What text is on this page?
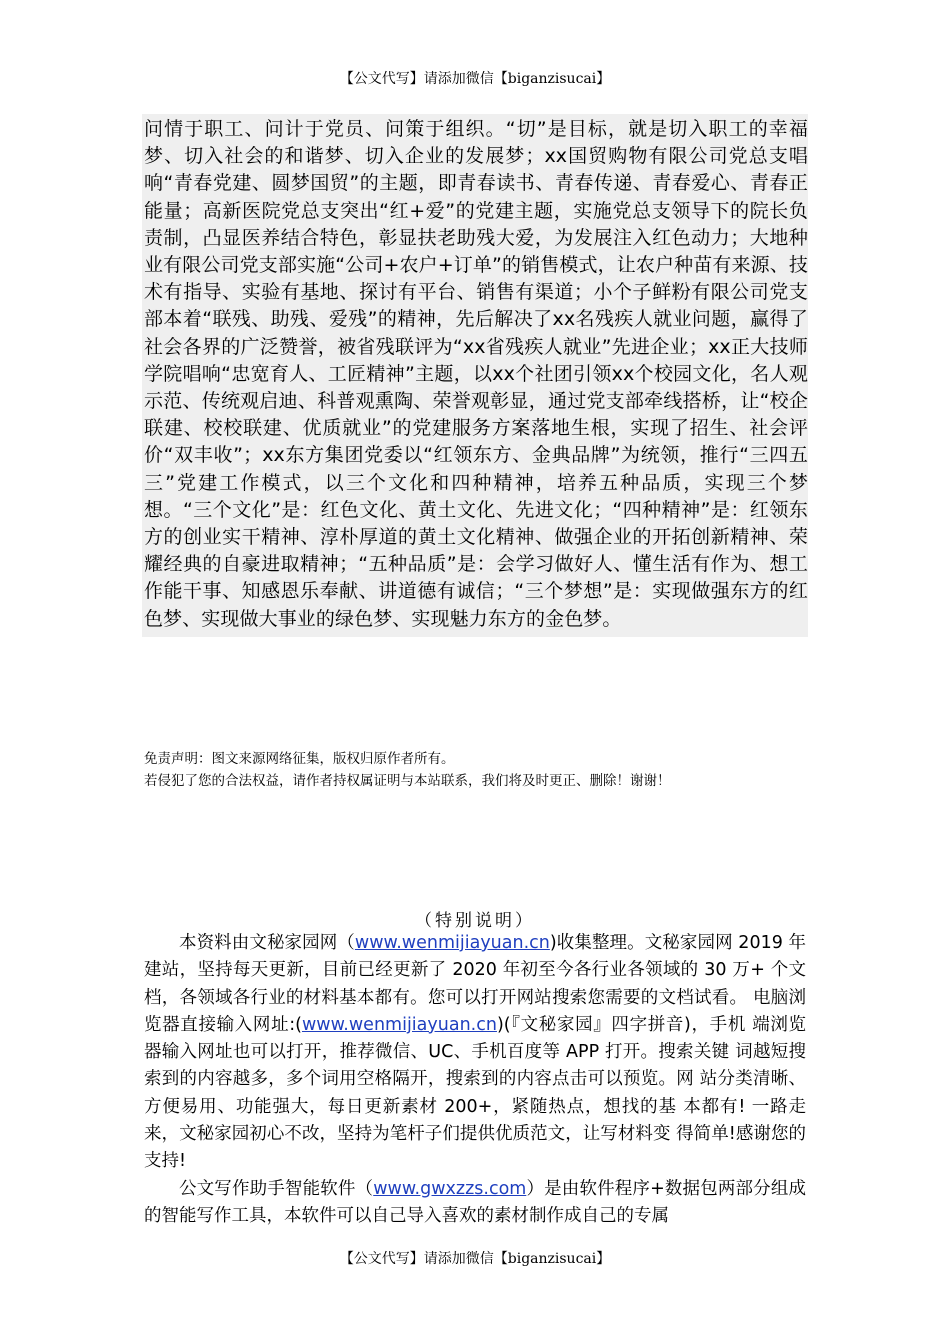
【公文代写】请添加微信【biganzisucai】
问情于职工、问计于党员、问策于组织。“切”是目标，就是切入职工的幸福梦、切入社会的和谐梦、切入企业的发展梦；xx国贸购物有限公司党总支唱响“青春党建、圆梦国贸”的主题，即青春读书、青春传递、青春爱心、青春正能量；高新医院党总支突出“红+爱”的党建主题，实施党总支领导下的院长负责制，凸显医养结合特色，彰显扶老助残大爱，为发展注入红色动力；大地种业有限公司党支部实施“公司+农户+订单”的销售模式，让农户种苗有来源、技术有指导、实验有基地、探讨有平台、销售有渠道；小个子鲜粉有限公司党支部本着“联残、助残、爱残”的精神，先后解决了xx名残疾人就业问题，赢得了社会各界的广泛赞誉，被省残联评为“xx省残疾人就业”先进企业；xx正大技师学院唱响“忠宽育人、工匠精神”主题，以xx个社团引领xx个校园文化，名人观示范、传统观启迪、科普观熏陶、荣誉观彰显，通过党支部牵线搭桥，让“校企联建、校校联建、优质就业”的党建服务方案落地生根，实现了招生、社会评价“双丰收”；xx东方集团党委以“红领东方、金典品牌”为统领，推行“三四五三”党建工作模式，以三个文化和四种精神，培养五种品质，实现三个梦想。“三个文化”是：红色文化、黄土文化、先进文化；“四种精神”是：红领东方的创业实干精神、淳朴厚道的黄土文化精神、做强企业的开拓创新精神、荣耀经典的自豪进取精神；“五种品质”是：会学习做好人、懂生活有作为、想工作能干事、知感恩乐奉献、讲道德有诚信；“三个梦想”是：实现做强东方的红色梦、实现做大事业的绿色梦、实现魅力东方的金色梦。
免责声明：图文来源网络征集，版权归原作者所有。
若侵犯了您的合法权益，请作者持权属证明与本站联系，我们将及时更正、删除！谢谢！
（特别说明）

本资料由文秘家园网（www.wenmijiayuan.cn)收集整理。文秘家园网 2019 年建站，坚持每天更新，目前已经更新了 2020 年初至今各行业各领域的 30 万+ 个文档，各领域各行业的材料基本都有。您可以打开网站搜索您需要的文档试看。 电脑浏览器直接输入网址:(www.wenmijiayuan.cn)(『文秘家园』四字拼音)，手机 端浏览器输入网址也可以打开，推荐微信、UC、手机百度等 APP 打开。搜索关键 词越短搜索到的内容越多，多个词用空格隔开，搜索到的内容点击可以预览。网 站分类清晰、方便易用、功能强大，每日更新素材 200+，紧随热点，想找的基 本都有! 一路走来，文秘家园初心不改，坚持为笔杆子们提供优质范文，让写材料变 得简单!感谢您的支持!

公文写作助手智能软件（www.gwxzzs.com）是由软件程序+数据包两部分组成的智能写作工具，本软件可以自己导入喜欢的素材制作成自己的专属

【公文代写】请添加微信【biganzisucai】
